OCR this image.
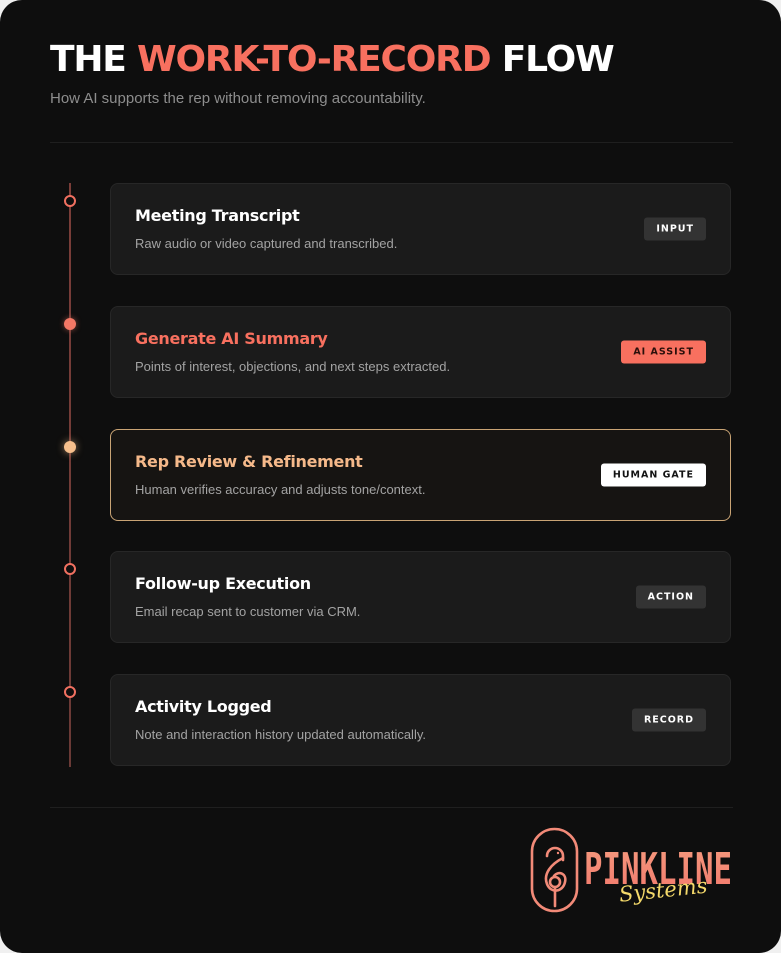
THE WORK-TO-RECORD FLOW
How AI supports the rep without removing accountability.
Meeting Transcript
Raw audio or video captured and transcribed.
INPUT
Generate AI Summary
Points of interest, objections, and next steps extracted.
AI ASSIST
Rep Review & Refinement
Human verifies accuracy and adjusts tone/context.
HUMAN GATE
Follow-up Execution
Email recap sent to customer via CRM.
ACTION
Activity Logged
Note and interaction history updated automatically.
RECORD
PINKLINE
Systems
